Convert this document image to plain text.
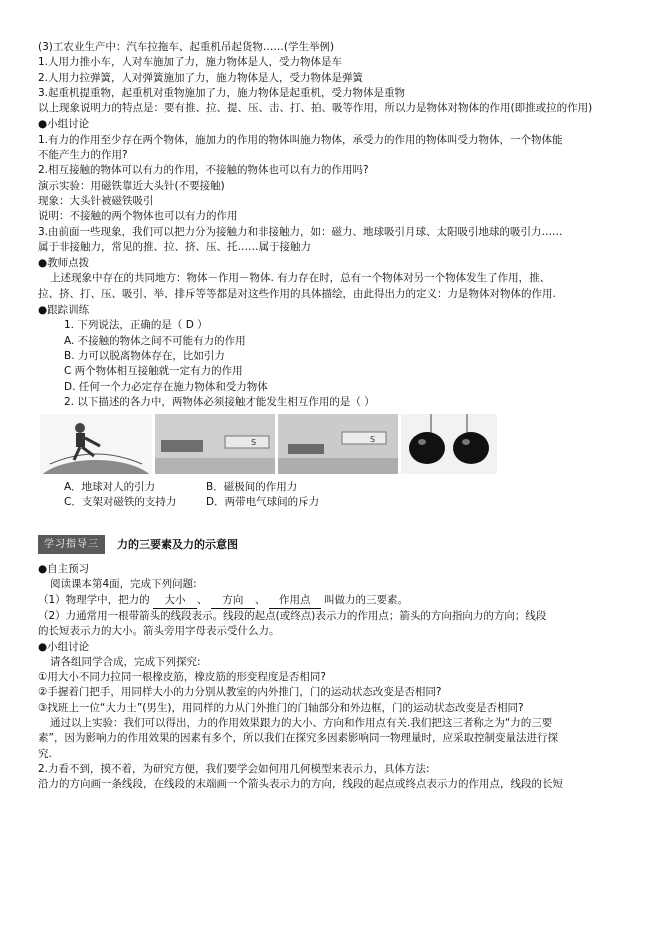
(3)工农业生产中：汽车拉拖车、起重机吊起货物……(学生举例)
1.人用力推小车，人对车施加了力，施力物体是人，受力物体是车
2.人用力拉弹簧，人对弹簧施加了力，施力物体是人，受力物体是弹簧
3.起重机提重物，起重机对重物施加了力，施力物体是起重机，受力物体是重物
以上现象说明力的特点是：要有推、拉、提、压、击、打、拍、吸等作用，所以力是物体对物体的作用(即推或拉的作用)
●小组讨论
1.有力的作用至少存在两个物体，施加力的作用的物体叫施力物体，承受力的作用的物体叫受力物体，一个物体能
不能产生力的作用?
2.相互接触的物体可以有力的作用，不接触的物体也可以有力的作用吗?
演示实验：用磁铁靠近大头针(不要接触)
现象：大头针被磁铁吸引
说明：不接触的两个物体也可以有力的作用
3.由前面一些现象，我们可以把力分为接触力和非接触力，如：磁力、地球吸引月球、太阳吸引地球的吸引力……
属于非接触力，常见的推、拉、挤、压、托……属于接触力
●教师点拨
上述现象中存在的共同地方：物体－作用－物体. 有力存在时，总有一个物体对另一个物体发生了作用，推、
拉、挤、打、压、吸引、举、排斥等等都是对这些作用的具体描绘，由此得出力的定义：力是物体对物体的作用.
●跟踪训练
1. 下列说法，正确的是（ D ）
A. 不接触的物体之间不可能有力的作用
B. 力可以脱离物体存在，比如引力
C 两个物体相互接触就一定有力的作用
D. 任何一个力必定存在施力物体和受力物体
2. 以下描述的各力中，两物体必须接触才能发生相互作用的是（ ）
S	S
A．地球对人的引力	B．磁极间的作用力
C．支架对磁铁的支持力	D．两带电气球间的斥力
学习指导三	力的三要素及力的示意图
●自主预习
阅读课本第4面，完成下列问题:
（1）物理学中，把力的 大小 、 方向 、 作用点 叫做力的三要素。
（2）力通常用一根带箭头的线段表示。线段的起点(或终点)表示力的作用点；箭头的方向指向力的方向；线段
的长短表示力的大小。箭头旁用字母表示受什么力。
●小组讨论
请各组同学合成，完成下列探究:
①用大小不同力拉同一根橡皮筋，橡皮筋的形变程度是否相同?
②手握着门把手，用同样大小的力分别从教室的内外推门，门的运动状态改变是否相同?
③找班上一位“大力士”(男生)，用同样的力从门外推门的门轴部分和外边框，门的运动状态改变是否相同?
通过以上实验：我们可以得出，力的作用效果跟力的大小、方向和作用点有关.我们把这三者称之为“力的三要
素”，因为影响力的作用效果的因素有多个，所以我们在探究多因素影响同一物理量时，应采取控制变量法进行探
究.
2.力看不到，摸不着，为研究方便，我们要学会如何用几何模型来表示力，具体方法:
沿力的方向画一条线段，在线段的末端画一个箭头表示力的方向，线段的起点或终点表示力的作用点，线段的长短
